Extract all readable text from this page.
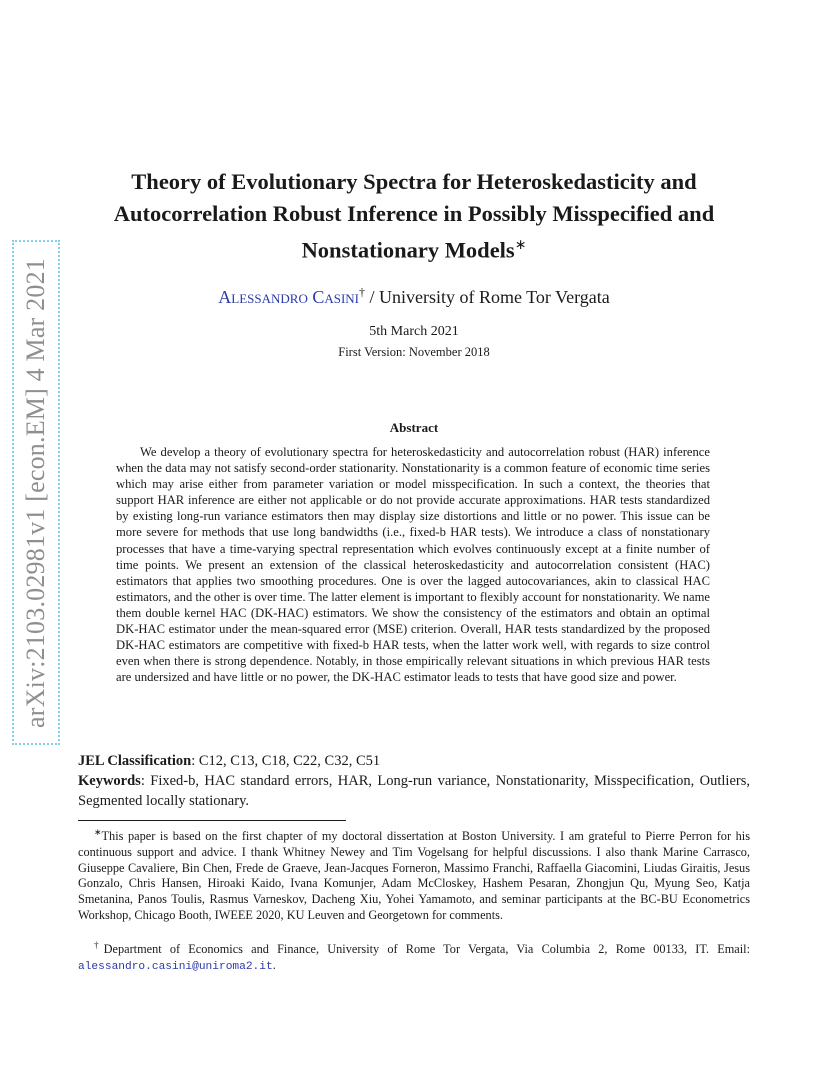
arXiv:2103.02981v1 [econ.EM] 4 Mar 2021
Theory of Evolutionary Spectra for Heteroskedasticity and
Autocorrelation Robust Inference in Possibly Misspecified and
Nonstationary Models∗
Alessandro Casini† / University of Rome Tor Vergata
5th March 2021
First Version: November 2018
Abstract

We develop a theory of evolutionary spectra for heteroskedasticity and autocorrelation robust (HAR) inference when the data may not satisfy second-order stationarity. Nonstationarity is a common feature of economic time series which may arise either from parameter variation or model misspecification. In such a context, the theories that support HAR inference are either not applicable or do not provide accurate approximations. HAR tests standardized by existing long-run variance estimators then may display size distortions and little or no power. This issue can be more severe for methods that use long bandwidths (i.e., fixed-b HAR tests). We introduce a class of nonstationary processes that have a time-varying spectral representation which evolves continuously except at a finite number of time points. We present an extension of the classical heteroskedasticity and autocorrelation consistent (HAC) estimators that applies two smoothing procedures. One is over the lagged autocovariances, akin to classical HAC estimators, and the other is over time. The latter element is important to flexibly account for nonstationarity. We name them double kernel HAC (DK-HAC) estimators. We show the consistency of the estimators and obtain an optimal DK-HAC estimator under the mean-squared error (MSE) criterion. Overall, HAR tests standardized by the proposed DK-HAC estimators are competitive with fixed-b HAR tests, when the latter work well, with regards to size control even when there is strong dependence. Notably, in those empirically relevant situations in which previous HAR tests are undersized and have little or no power, the DK-HAC estimator leads to tests that have good size and power.

JEL Classification: C12, C13, C18, C22, C32, C51
Keywords: Fixed-b, HAC standard errors, HAR, Long-run variance, Nonstationarity, Misspecification, Outliers, Segmented locally stationary.

∗This paper is based on the first chapter of my doctoral dissertation at Boston University. I am grateful to Pierre Perron for his continuous support and advice. I thank Whitney Newey and Tim Vogelsang for helpful discussions. I also thank Marine Carrasco, Giuseppe Cavaliere, Bin Chen, Frede de Graeve, Jean-Jacques Forneron, Massimo Franchi, Raffaella Giacomini, Liudas Giraitis, Jesus Gonzalo, Chris Hansen, Hiroaki Kaido, Ivana Komunjer, Adam McCloskey, Hashem Pesaran, Zhongjun Qu, Myung Seo, Katja Smetanina, Panos Toulis, Rasmus Varneskov, Dacheng Xiu, Yohei Yamamoto, and seminar participants at the BC-BU Econometrics Workshop, Chicago Booth, IWEEE 2020, KU Leuven and Georgetown for comments.

†Department of Economics and Finance, University of Rome Tor Vergata, Via Columbia 2, Rome 00133, IT. Email: alessandro.casini@uniroma2.it.
